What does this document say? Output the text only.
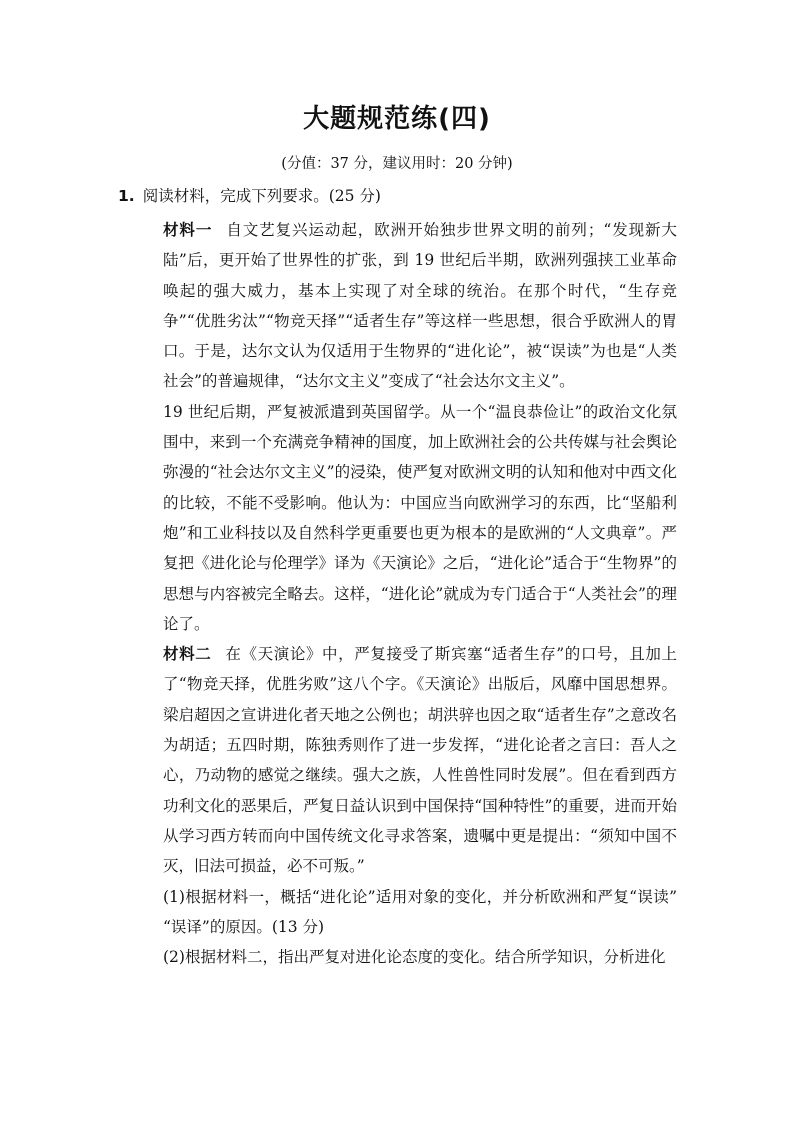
大题规范练(四)

(分值：37 分，建议用时：20 分钟)

1. 阅读材料，完成下列要求。(25 分)

材料一 自文艺复兴运动起，欧洲开始独步世界文明的前列；“发现新大陆”后，更开始了世界性的扩张，到 19 世纪后半期，欧洲列强挟工业革命唤起的强大威力，基本上实现了对全球的统治。在那个时代，“生存竞争”“优胜劣汰”“物竞天择”“适者生存”等这样一些思想，很合乎欧洲人的胃口。于是，达尔文认为仅适用于生物界的“进化论”，被“误读”为也是“人类社会”的普遍规律，“达尔文主义”变成了“社会达尔文主义”。

19 世纪后期，严复被派遣到英国留学。从一个“温良恭俭让”的政治文化氛围中，来到一个充满竞争精神的国度，加上欧洲社会的公共传媒与社会舆论弥漫的“社会达尔文主义”的浸染，使严复对欧洲文明的认知和他对中西文化的比较，不能不受影响。他认为：中国应当向欧洲学习的东西，比“坚船利炮”和工业科技以及自然科学更重要也更为根本的是欧洲的“人文典章”。严复把《进化论与伦理学》译为《天演论》之后，“进化论”适合于“生物界”的思想与内容被完全略去。这样，“进化论”就成为专门适合于“人类社会”的理论了。

材料二 在《天演论》中，严复接受了斯宾塞“适者生存”的口号，且加上了“物竞天择，优胜劣败”这八个字。《天演论》出版后，风靡中国思想界。梁启超因之宣讲进化者天地之公例也；胡洪骍也因之取“适者生存”之意改名为胡适；五四时期，陈独秀则作了进一步发挥，“进化论者之言曰：吾人之心，乃动物的感觉之继续。强大之族，人性兽性同时发展”。但在看到西方功利文化的恶果后，严复日益认识到中国保持“国种特性”的重要，进而开始从学习西方转而向中国传统文化寻求答案，遗嘱中更是提出：“须知中国不灭，旧法可损益，必不可叛。”

(1)根据材料一，概括“进化论”适用对象的变化，并分析欧洲和严复“误读” “误译”的原因。(13 分)

(2)根据材料二，指出严复对进化论态度的变化。结合所学知识，分析进化
